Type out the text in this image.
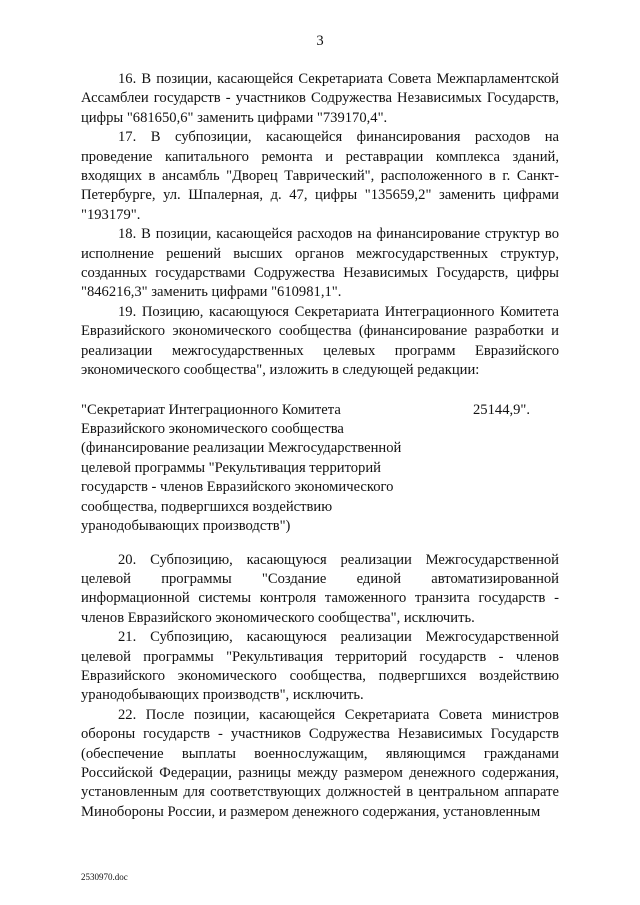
3

16. В позиции, касающейся Секретариата Совета Межпарламентской Ассамблеи государств - участников Содружества Независимых Государств, цифры "681650,6" заменить цифрами "739170,4".

17. В субпозиции, касающейся финансирования расходов на проведение капитального ремонта и реставрации комплекса зданий, входящих в ансамбль "Дворец Таврический", расположенного в г. Санкт-Петербурге, ул. Шпалерная, д. 47, цифры "135659,2" заменить цифрами "193179".

18. В позиции, касающейся расходов на финансирование структур во исполнение решений высших органов межгосударственных структур, созданных государствами Содружества Независимых Государств, цифры "846216,3" заменить цифрами "610981,1".

19. Позицию, касающуюся Секретариата Интеграционного Комитета Евразийского экономического сообщества (финансирование разработки и реализации межгосударственных целевых программ Евразийского экономического сообщества", изложить в следующей редакции:

"Секретариат Интеграционного Комитета
Евразийского экономического сообщества
(финансирование реализации Межгосударственной
целевой программы "Рекультивация территорий
государств - членов Евразийского экономического
сообщества, подвергшихся воздействию
уранодобывающих производств")
25144,9".

20. Субпозицию, касающуюся реализации Межгосударственной целевой программы "Создание единой автоматизированной информационной системы контроля таможенного транзита государств - членов Евразийского экономического сообщества", исключить.

21. Субпозицию, касающуюся реализации Межгосударственной целевой программы "Рекультивация территорий государств - членов Евразийского экономического сообщества, подвергшихся воздействию уранодобывающих производств", исключить.

22. После позиции, касающейся Секретариата Совета министров обороны государств - участников Содружества Независимых Государств (обеспечение выплаты военнослужащим, являющимся гражданами Российской Федерации, разницы между размером денежного содержания, установленным для соответствующих должностей в центральном аппарате Минобороны России, и размером денежного содержания, установленным

2530970.doc
